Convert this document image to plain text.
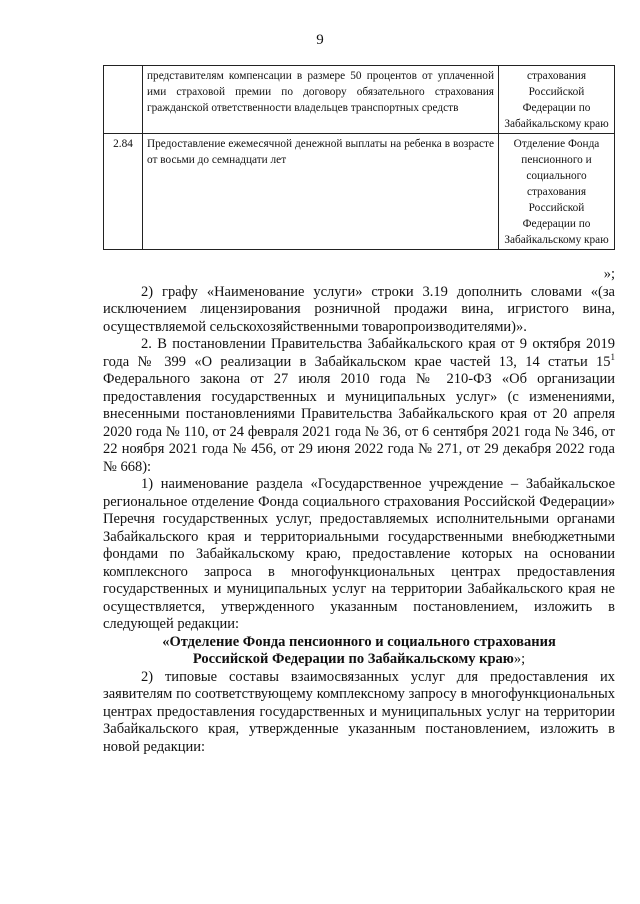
9
	представителям компенсации в размере 50 процентов от уплаченной ими страховой премии по договору обязательного страхования гражданской ответственности владельцев транспортных средств	страхования Российской Федерации по Забайкальскому краю
2.84	Предоставление ежемесячной денежной выплаты на ребенка в возрасте от восьми до семнадцати лет	Отделение Фонда пенсионного и социального страхования Российской Федерации по Забайкальскому краю

»;

2) графу «Наименование услуги» строки 3.19 дополнить словами «(за исключением лицензирования розничной продажи вина, игристого вина, осуществляемой сельскохозяйственными товаропроизводителями)».

2. В постановлении Правительства Забайкальского края от 9 октября 2019 года № 399 «О реализации в Забайкальском крае частей 13, 14 статьи $15^1$ Федерального закона от 27 июля 2010 года № 210-ФЗ «Об организации предоставления государственных и муниципальных услуг» (с изменениями, внесенными постановлениями Правительства Забайкальского края от 20 апреля 2020 года № 110, от 24 февраля 2021 года № 36, от 6 сентября 2021 года № 346, от 22 ноября 2021 года № 456, от 29 июня 2022 года № 271, от 29 декабря 2022 года № 668):

1) наименование раздела «Государственное учреждение – Забайкальское региональное отделение Фонда социального страхования Российской Федерации» Перечня государственных услуг, предоставляемых исполнительными органами Забайкальского края и территориальными государственными внебюджетными фондами по Забайкальскому краю, предоставление которых на основании комплексного запроса в многофункциональных центрах предоставления государственных и муниципальных услуг на территории Забайкальского края не осуществляется, утвержденного указанным постановлением, изложить в следующей редакции:

«Отделение Фонда пенсионного и социального страхования

Российской Федерации по Забайкальскому краю»;

2) типовые составы взаимосвязанных услуг для предоставления их заявителям по соответствующему комплексному запросу в многофункциональных центрах предоставления государственных и муниципальных услуг на территории Забайкальского края, утвержденные указанным постановлением, изложить в новой редакции:
